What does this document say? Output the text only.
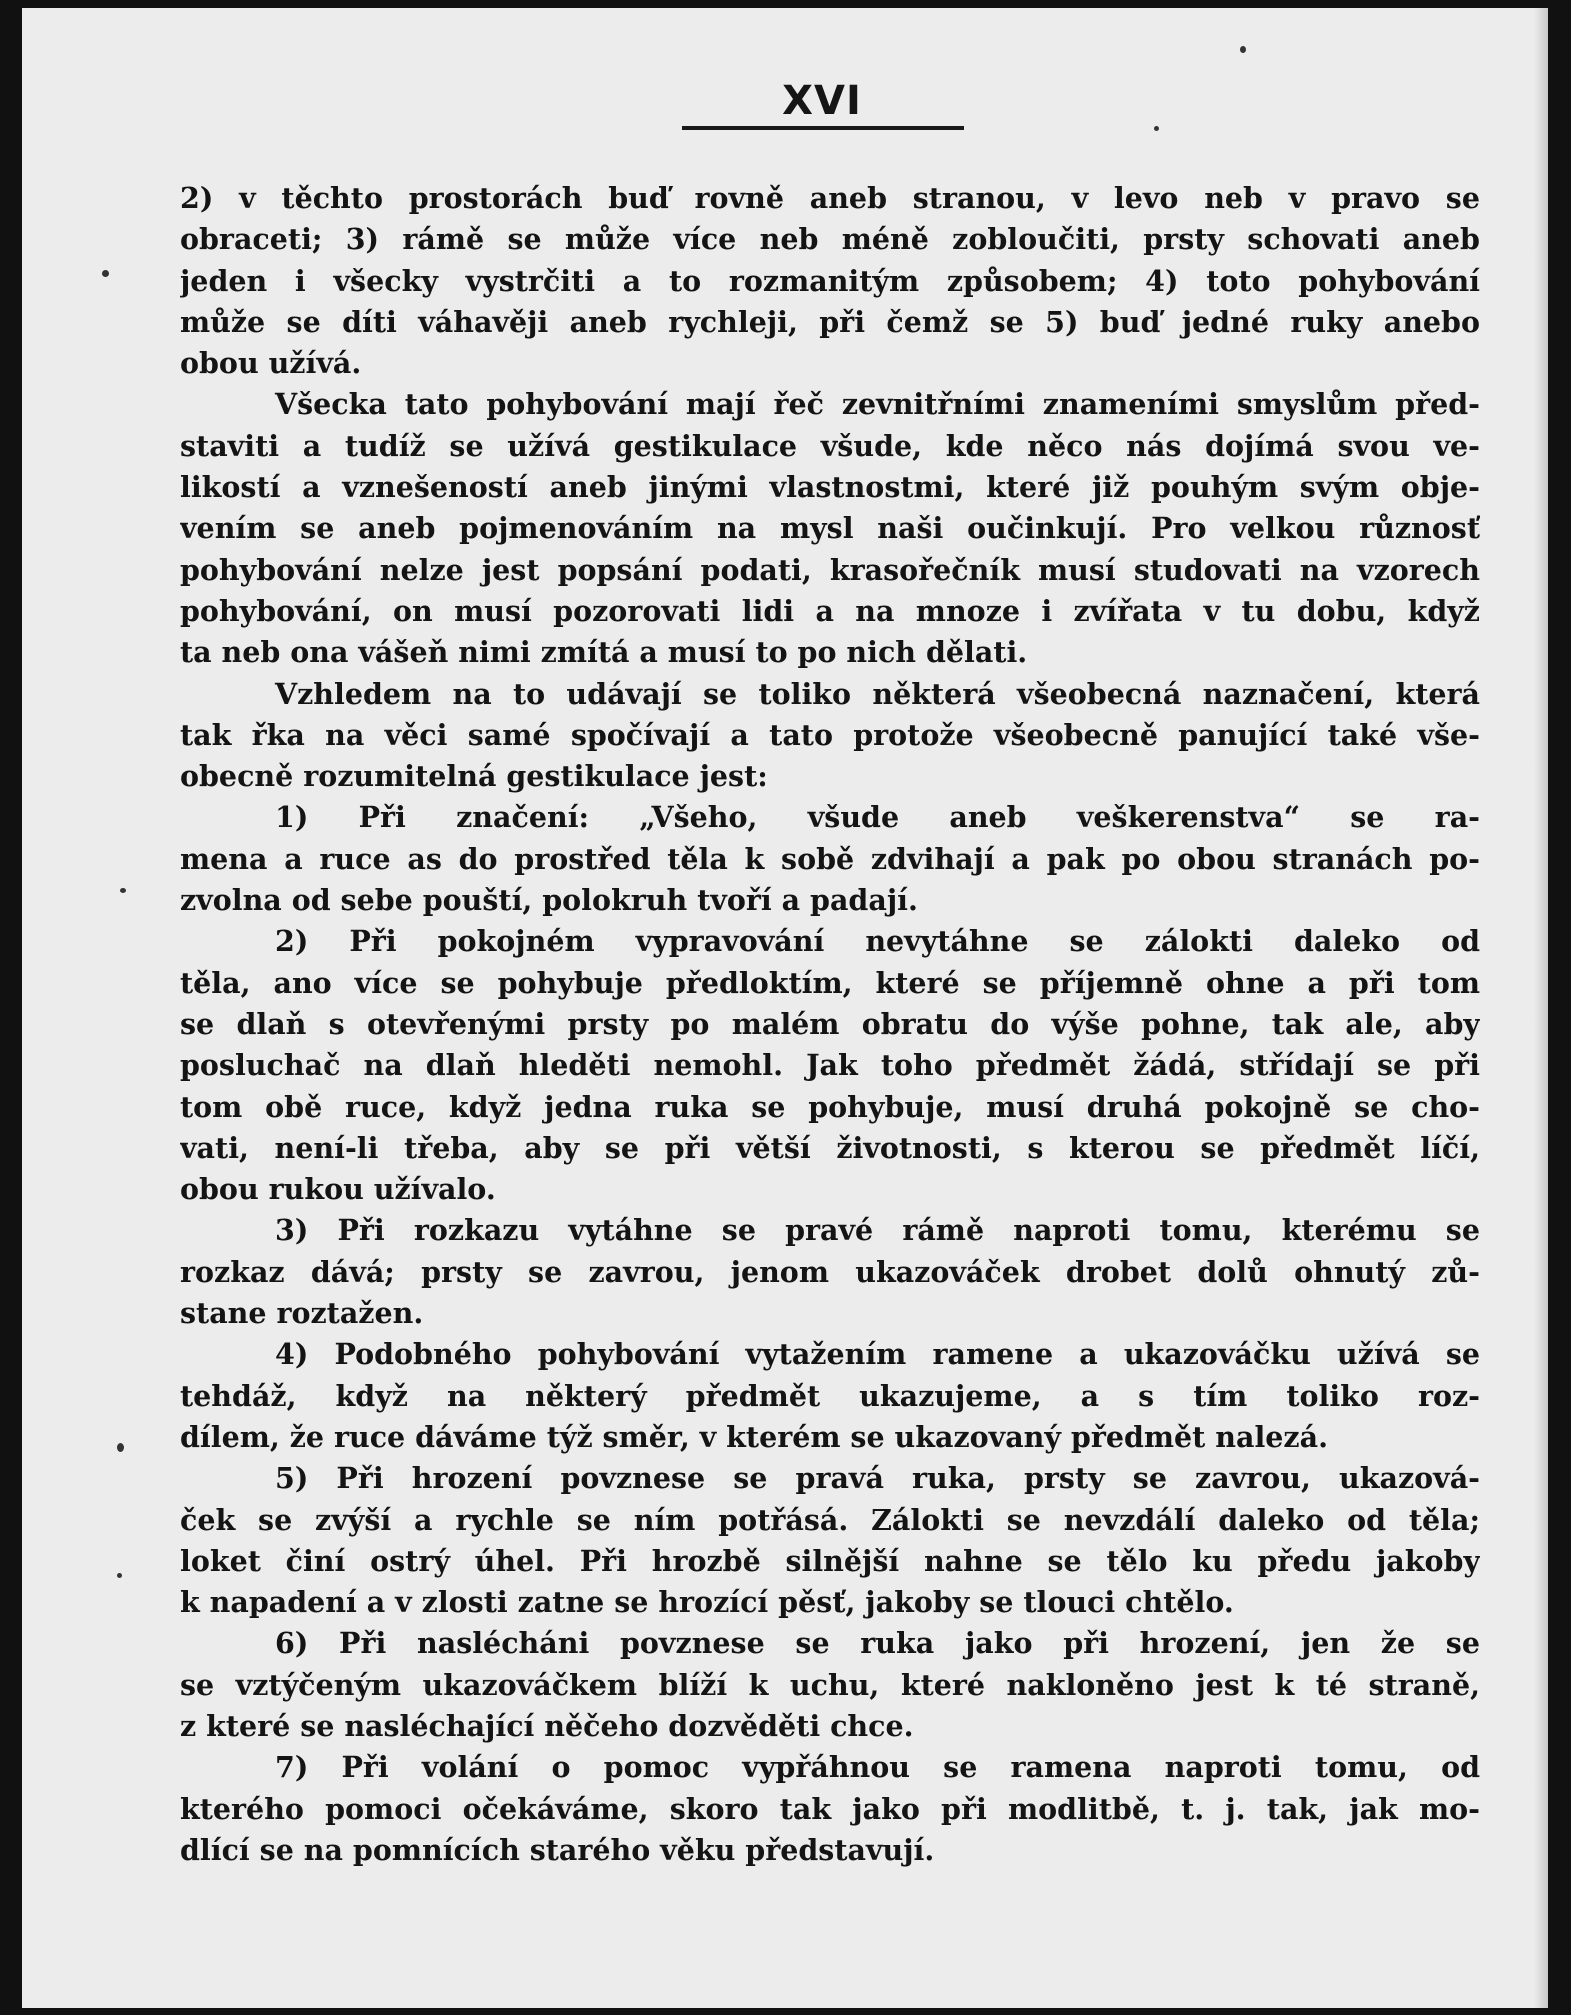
XVI

2) v těchto prostorách buď rovně aneb stranou, v levo neb v pravo se
obraceti; 3) rámě se může více neb méně zoblоučiti, prsty schovati aneb
jeden i všecky vystrčiti a to rozmanitým způsobem; 4) toto pohybování
může se díti váhavěji aneb rychleji, při čemž se 5) buď jedné ruky anebo
obou užívá.

Všecka tato pohybování mají řeč zevnitřními znameními smyslům před-
staviti a tudíž se užívá gestikulace všude, kde něco nás dojímá svou ve-
likostí a vznešeností aneb jinými vlastnostmi, které již pouhým svým obje-
vením se aneb pojmenováním na mysl naši oučinkují. Pro velkou různosť
pohybování nelze jest popsání podati, krasořečník musí studovati na vzorech
pohybování, on musí pozorovati lidi a na mnoze i zvířata v tu dobu, když
ta neb ona vášeň nimi zmítá a musí to po nich dělati.

Vzhledem na to udávají se toliko některá všeobecná naznačení, která
tak řka na věci samé spočívají a tato protože všeobecně panující také vše-
obecně rozumitelná gestikulace jest:

1) Při značení: „Všeho, všude aneb veškerenstva“ se ra-
mena a ruce as do prostřed těla k sobě zdvihají a pak po obou stranách po-
zvolna od sebe pouští, polokruh tvoří a padají.

2) Při pokojném vypravování nevytáhne se zálokti daleko od
těla, ano více se pohybuje předloktím, které se příjemně ohne a při tom
se dlaň s otevřenými prsty po malém obratu do výše pohne, tak ale, aby
posluchač na dlaň hleděti nemohl. Jak toho předmět žádá, střídají se při
tom obě ruce, když jedna ruka se pohybuje, musí druhá pokojně se cho-
vati, není-li třeba, aby se při větší životnosti, s kterou se předmět líčí,
obou rukou užívalo.

3) Při rozkazu vytáhne se pravé rámě naproti tomu, kterému se
rozkaz dává; prsty se zavrou, jenom ukazováček drobet dolů ohnutý zů-
stane roztažen.

4) Podobného pohybování vytažením ramene a ukazováčku užívá se
tehdáž, když na některý předmět ukazujeme, a s tím toliko roz-
dílem, že ruce dáváme týž směr, v kterém se ukazovaný předmět nalezá.

5) Při hrození povznese se pravá ruka, prsty se zavrou, ukazová-
ček se zvýší a rychle se ním potřásá. Zálokti se nevzdálí daleko od těla;
loket činí ostrý úhel. Při hrozbě silnější nahne se tělo ku předu jakoby
k napadení a v zlosti zatne se hrozící pěsť, jakoby se tlouci chtělo.

6) Při naslécháni povznese se ruka jako při hrození, jen že se
se vztýčeným ukazováčkem blíží k uchu, které nakloněno jest k té straně,
z které se nasléchající něčeho dozvěděti chce.

7) Při volání o pomoc vypřáhnou se ramena naproti tomu, od
kterého pomoci očekáváme, skoro tak jako při modlitbě, t. j. tak, jak mo-
dlící se na pomnících starého věku představují.
